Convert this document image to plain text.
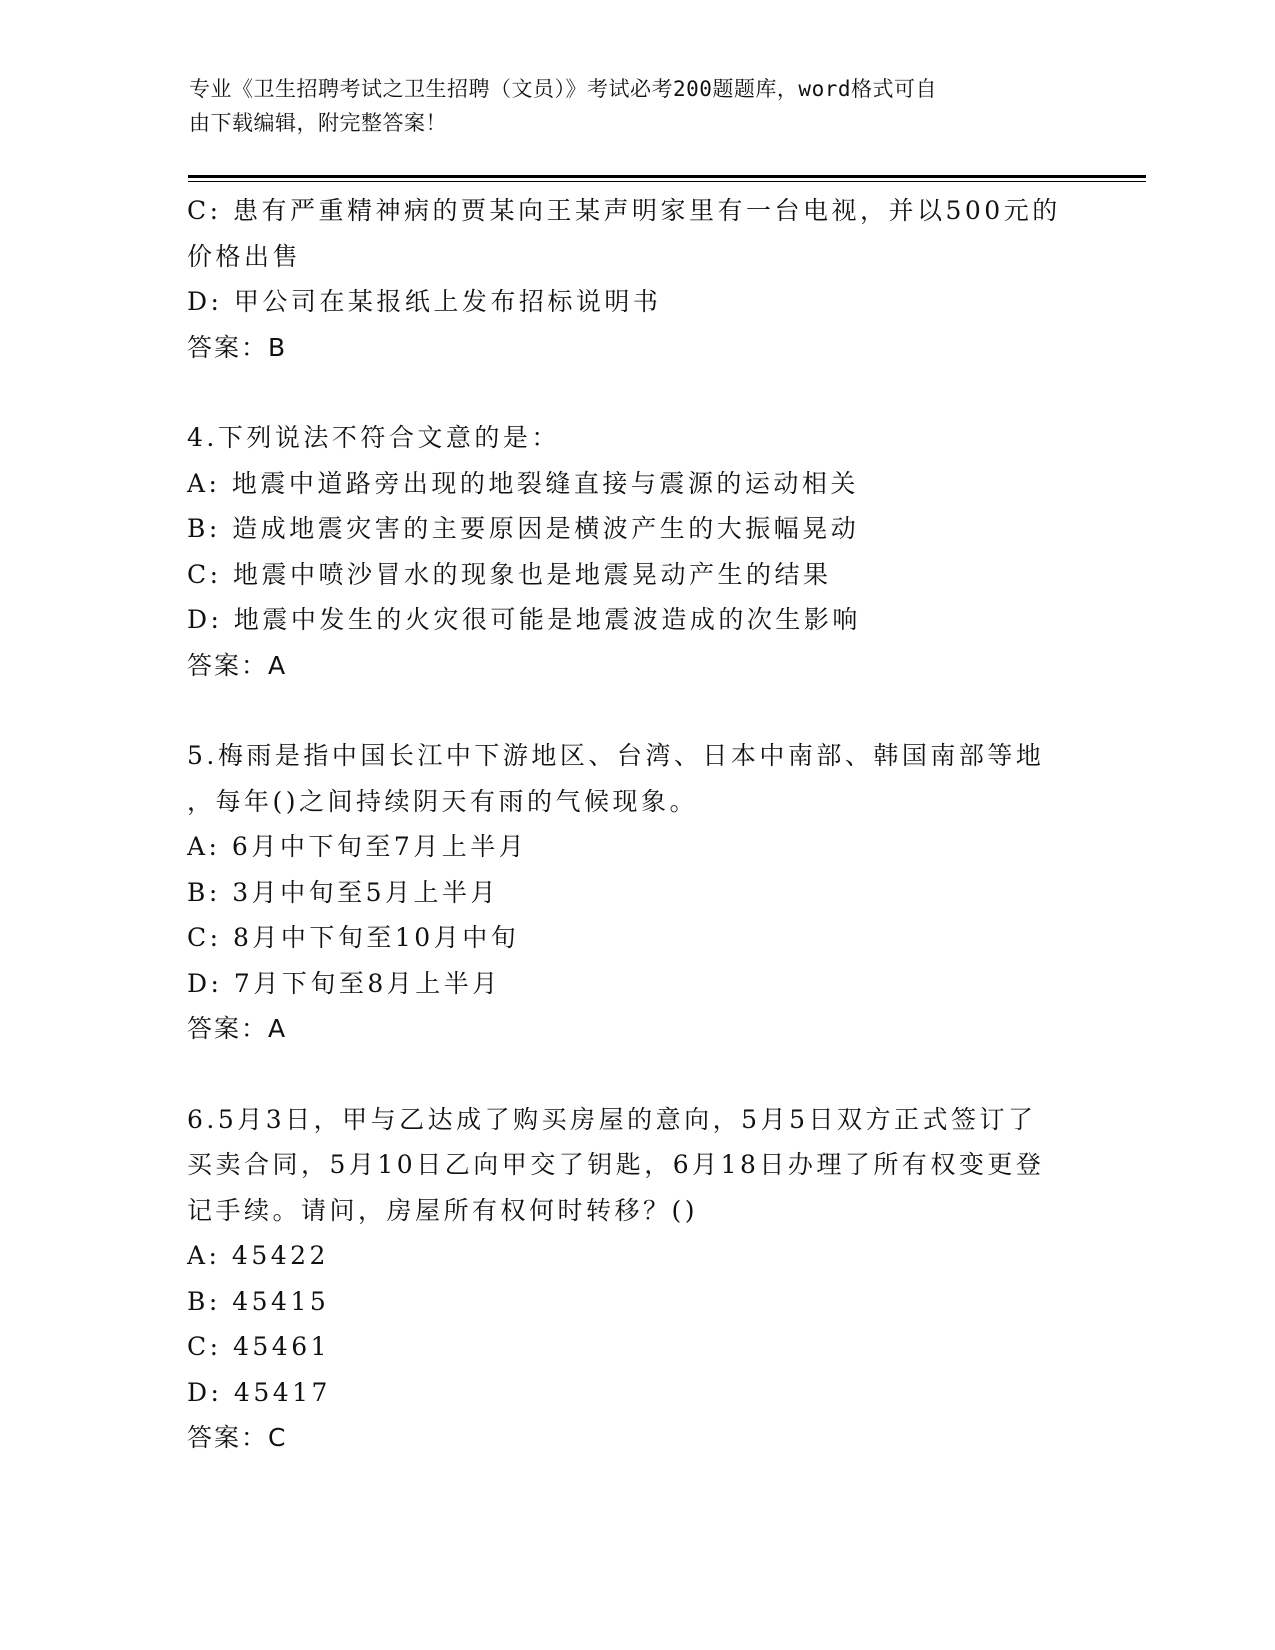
专业《卫生招聘考试之卫生招聘（文员）》考试必考200题题库，word格式可自
由下载编辑，附完整答案！
C: 患有严重精神病的贾某向王某声明家里有一台电视，并以500元的
价格出售
D: 甲公司在某报纸上发布招标说明书
答案：B
4.下列说法不符合文意的是：
A: 地震中道路旁出现的地裂缝直接与震源的运动相关
B: 造成地震灾害的主要原因是横波产生的大振幅晃动
C: 地震中喷沙冒水的现象也是地震晃动产生的结果
D: 地震中发生的火灾很可能是地震波造成的次生影响
答案：A
5.梅雨是指中国长江中下游地区、台湾、日本中南部、韩国南部等地
，每年()之间持续阴天有雨的气候现象。
A: 6月中下旬至7月上半月
B: 3月中旬至5月上半月
C: 8月中下旬至10月中旬
D: 7月下旬至8月上半月
答案：A
6.5月3日，甲与乙达成了购买房屋的意向，5月5日双方正式签订了
买卖合同，5月10日乙向甲交了钥匙，6月18日办理了所有权变更登
记手续。请问，房屋所有权何时转移？()
A: 45422
B: 45415
C: 45461
D: 45417
答案：C
